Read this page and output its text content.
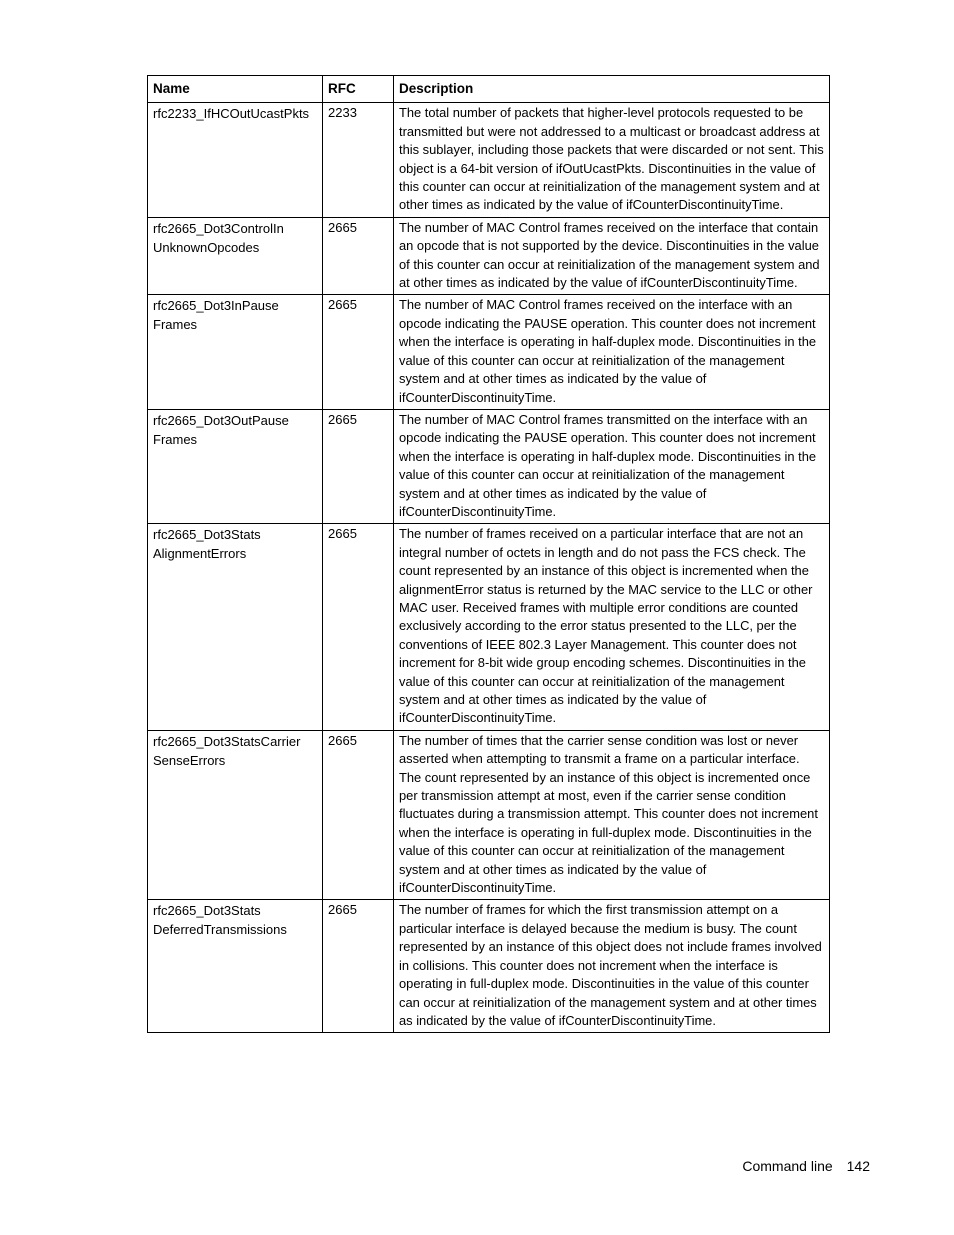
Name	RFC	Description
rfc2233_IfHCOutUcastPkts	2233	The total number of packets that higher-level protocols requested to be transmitted but were not addressed to a multicast or broadcast address at this sublayer, including those packets that were discarded or not sent. This object is a 64-bit version of ifOutUcastPkts. Discontinuities in the value of this counter can occur at reinitialization of the management system and at other times as indicated by the value of ifCounterDiscontinuityTime.
rfc2665_Dot3ControlIn UnknownOpcodes	2665	The number of MAC Control frames received on the interface that contain an opcode that is not supported by the device. Discontinuities in the value of this counter can occur at reinitialization of the management system and at other times as indicated by the value of ifCounterDiscontinuityTime.
rfc2665_Dot3InPause Frames	2665	The number of MAC Control frames received on the interface with an opcode indicating the PAUSE operation. This counter does not increment when the interface is operating in half-duplex mode. Discontinuities in the value of this counter can occur at reinitialization of the management system and at other times as indicated by the value of ifCounterDiscontinuityTime.
rfc2665_Dot3OutPause Frames	2665	The number of MAC Control frames transmitted on the interface with an opcode indicating the PAUSE operation. This counter does not increment when the interface is operating in half-duplex mode. Discontinuities in the value of this counter can occur at reinitialization of the management system and at other times as indicated by the value of ifCounterDiscontinuityTime.
rfc2665_Dot3Stats AlignmentErrors	2665	The number of frames received on a particular interface that are not an integral number of octets in length and do not pass the FCS check. The count represented by an instance of this object is incremented when the alignmentError status is returned by the MAC service to the LLC or other MAC user. Received frames with multiple error conditions are counted exclusively according to the error status presented to the LLC, per the conventions of IEEE 802.3 Layer Management. This counter does not increment for 8-bit wide group encoding schemes. Discontinuities in the value of this counter can occur at reinitialization of the management system and at other times as indicated by the value of ifCounterDiscontinuityTime.
rfc2665_Dot3StatsCarrier SenseErrors	2665	The number of times that the carrier sense condition was lost or never asserted when attempting to transmit a frame on a particular interface. The count represented by an instance of this object is incremented once per transmission attempt at most, even if the carrier sense condition fluctuates during a transmission attempt. This counter does not increment when the interface is operating in full-duplex mode. Discontinuities in the value of this counter can occur at reinitialization of the management system and at other times as indicated by the value of ifCounterDiscontinuityTime.
rfc2665_Dot3Stats DeferredTransmissions	2665	The number of frames for which the first transmission attempt on a particular interface is delayed because the medium is busy. The count represented by an instance of this object does not include frames involved in collisions. This counter does not increment when the interface is operating in full-duplex mode. Discontinuities in the value of this counter can occur at reinitialization of the management system and at other times as indicated by the value of ifCounterDiscontinuityTime.
Command line 142
